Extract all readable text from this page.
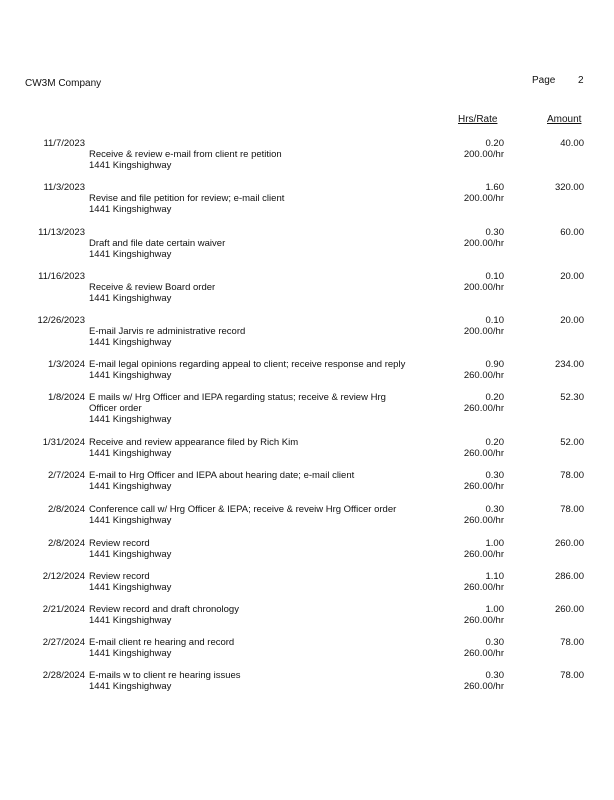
CW3M Company	Page 2
Hrs/Rate	Amount
11/7/2023
Receive & review e-mail from client re petition
1441 Kingshighway
0.20
200.00/hr
40.00
11/3/2023
Revise and file petition for review; e-mail client
1441 Kingshighway
1.60
200.00/hr
320.00
11/13/2023
Draft and file date certain waiver
1441 Kingshighway
0.30
200.00/hr
60.00
11/16/2023
Receive & review Board order
1441 Kingshighway
0.10
200.00/hr
20.00
12/26/2023
E-mail Jarvis re administrative record
1441 Kingshighway
0.10
200.00/hr
20.00
1/3/2024 E-mail legal opinions regarding appeal to client; receive response and reply
1441 Kingshighway
0.90
260.00/hr
234.00
1/8/2024 E mails w/ Hrg Officer and IEPA regarding status; receive & review Hrg
Officer order
1441 Kingshighway
0.20
260.00/hr
52.30
1/31/2024 Receive and review appearance filed by Rich Kim
1441 Kingshighway
0.20
260.00/hr
52.00
2/7/2024 E-mail to Hrg Officer and IEPA about hearing date; e-mail client
1441 Kingshighway
0.30
260.00/hr
78.00
2/8/2024 Conference call w/ Hrg Officer & IEPA; receive & reveiw Hrg Officer order
1441 Kingshighway
0.30
260.00/hr
78.00
2/8/2024 Review record
1441 Kingshighway
1.00
260.00/hr
260.00
2/12/2024 Review record
1441 Kingshighway
1.10
260.00/hr
286.00
2/21/2024 Review record and draft chronology
1441 Kingshighway
1.00
260.00/hr
260.00
2/27/2024 E-mail client re hearing and record
1441 Kingshighway
0.30
260.00/hr
78.00
2/28/2024 E-mails w to client re hearing issues
1441 Kingshighway
0.30
260.00/hr
78.00
